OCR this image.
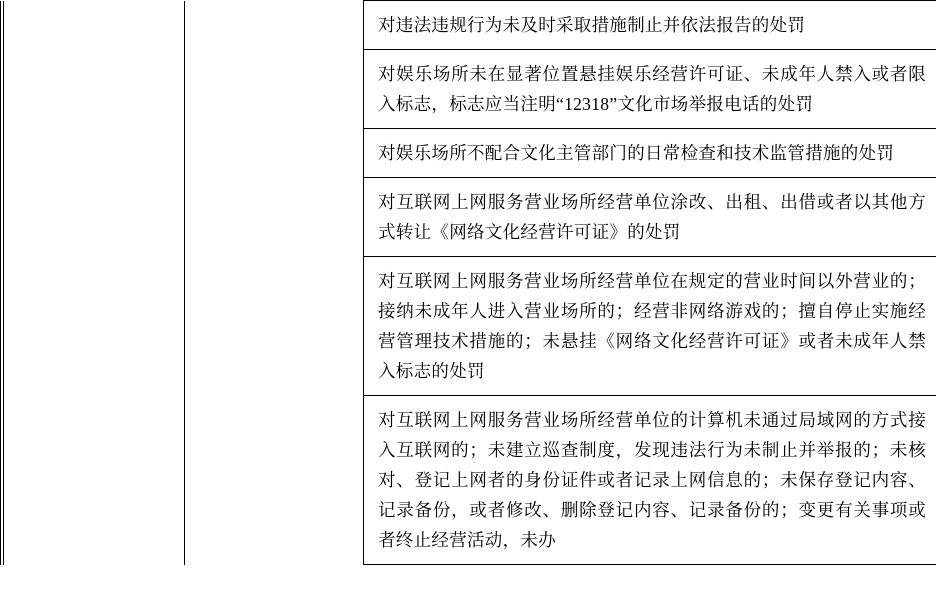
			对违法违规行为未及时采取措施制止并依法报告的处罚

			对娱乐场所未在显著位置悬挂娱乐经营许可证、未成年人禁入或者限入标志，标志应当注明“12318”文化市场举报电话的处罚

			对娱乐场所不配合文化主管部门的日常检查和技术监管措施的处罚

			对互联网上网服务营业场所经营单位涂改、出租、出借或者以其他方式转让《网络文化经营许可证》的处罚

			对互联网上网服务营业场所经营单位在规定的营业时间以外营业的；接纳未成年人进入营业场所的；经营非网络游戏的；擅自停止实施经营管理技术措施的；未悬挂《网络文化经营许可证》或者未成年人禁入标志的处罚

			对互联网上网服务营业场所经营单位的计算机未通过局域网的方式接入互联网的；未建立巡查制度，发现违法行为未制止并举报的；未核对、登记上网者的身份证件或者记录上网信息的；未保存登记内容、记录备份，或者修改、删除登记内容、记录备份的；变更有关事项或者终止经营活动，未办
